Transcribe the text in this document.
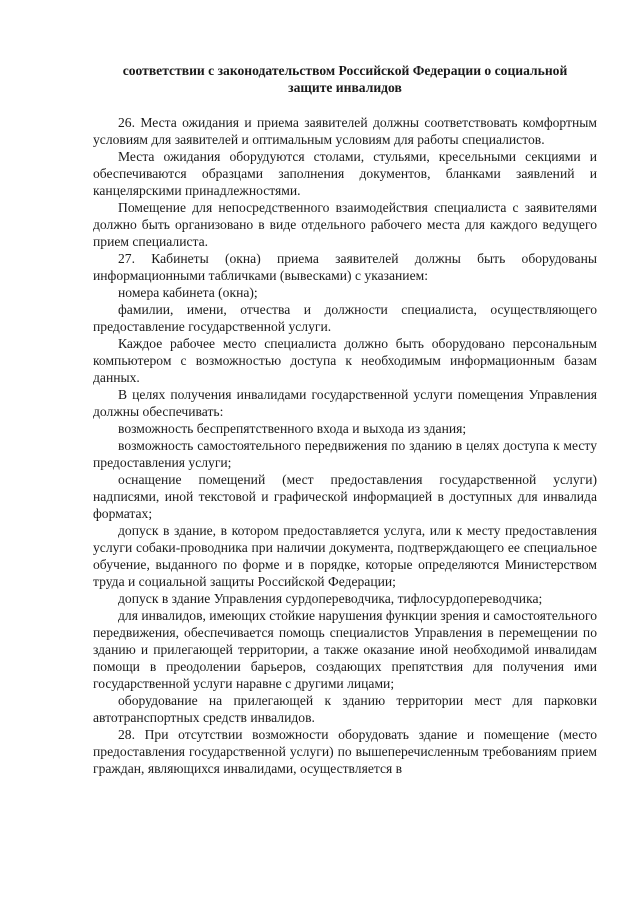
соответствии с законодательством Российской Федерации о социальной
защите инвалидов

26. Места ожидания и приема заявителей должны соответствовать комфортным условиям для заявителей и оптимальным условиям для работы специалистов.

Места ожидания оборудуются столами, стульями, кресельными секциями и обеспечиваются образцами заполнения документов, бланками заявлений и канцелярскими принадлежностями.

Помещение для непосредственного взаимодействия специалиста с заявителями должно быть организовано в виде отдельного рабочего места для каждого ведущего прием специалиста.

27. Кабинеты (окна) приема заявителей должны быть оборудованы информационными табличками (вывесками) с указанием:

номера кабинета (окна);

фамилии, имени, отчества и должности специалиста, осуществляющего предоставление государственной услуги.

Каждое рабочее место специалиста должно быть оборудовано персональным компьютером с возможностью доступа к необходимым информационным базам данных.

В целях получения инвалидами государственной услуги помещения Управления должны обеспечивать:

возможность беспрепятственного входа и выхода из здания;

возможность самостоятельного передвижения по зданию в целях доступа к месту предоставления услуги;

оснащение помещений (мест предоставления государственной услуги) надписями, иной текстовой и графической информацией в доступных для инвалида форматах;

допуск в здание, в котором предоставляется услуга, или к месту предоставления услуги собаки-проводника при наличии документа, подтверждающего ее специальное обучение, выданного по форме и в порядке, которые определяются Министерством труда и социальной защиты Российской Федерации;

допуск в здание Управления сурдопереводчика, тифлосурдопереводчика;

для инвалидов, имеющих стойкие нарушения функции зрения и самостоятельного передвижения, обеспечивается помощь специалистов Управления в перемещении по зданию и прилегающей территории, а также оказание иной необходимой инвалидам помощи в преодолении барьеров, создающих препятствия для получения ими государственной услуги наравне с другими лицами;

оборудование на прилегающей к зданию территории мест для парковки автотранспортных средств инвалидов.

28. При отсутствии возможности оборудовать здание и помещение (место предоставления государственной услуги) по вышеперечисленным требованиям прием граждан, являющихся инвалидами, осуществляется в
